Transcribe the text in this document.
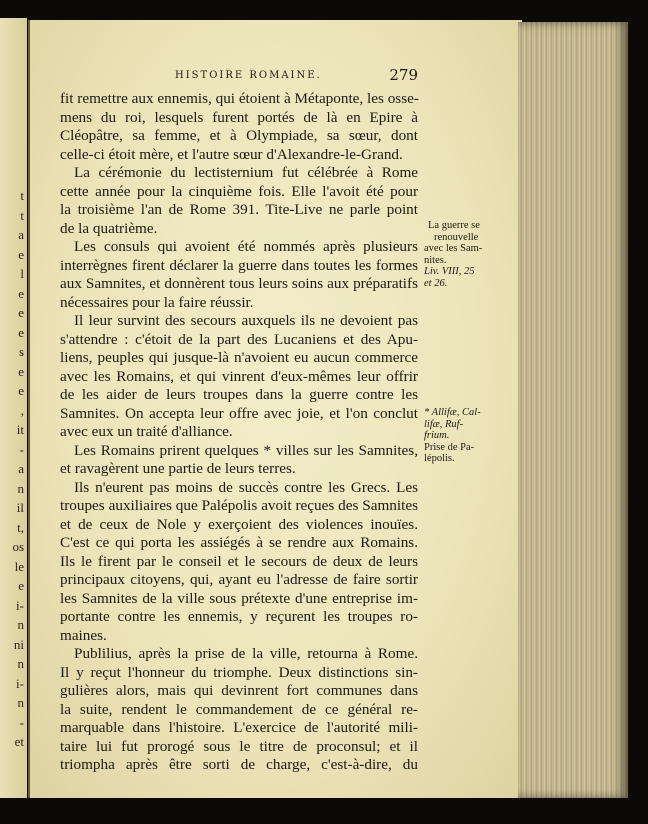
t
t
a
e
l
e
e
e
s
e
e
,
it
-
a
n
il
t,
os
le
e
i-
n
ni
n
i-
n
-
et
HISTOIRE ROMAINE.	279
fit remettre aux ennemis, qui étoient à Métaponte, les osse-
mens du roi, lesquels furent portés de là en Epire à
Cléopâtre, sa femme, et à Olympiade, sa sœur, dont
celle-ci étoit mère, et l'autre sœur d'Alexandre-le-Grand.
La cérémonie du lectisternium fut célébrée à Rome
cette année pour la cinquième fois. Elle l'avoit été pour
la troisième l'an de Rome 391. Tite-Live ne parle point
de la quatrième.
Les consuls qui avoient été nommés après plusieurs
interrègnes firent déclarer la guerre dans toutes les formes
aux Samnites, et donnèrent tous leurs soins aux préparatifs
nécessaires pour la faire réussir.
Il leur survint des secours auxquels ils ne devoient pas
s'attendre : c'étoit de la part des Lucaniens et des Apu-
liens, peuples qui jusque-là n'avoient eu aucun commerce
avec les Romains, et qui vinrent d'eux-mêmes leur offrir
de les aider de leurs troupes dans la guerre contre les
Samnites. On accepta leur offre avec joie, et l'on conclut
avec eux un traité d'alliance.
Les Romains prirent quelques * villes sur les Samnites,
et ravagèrent une partie de leurs terres.
Ils n'eurent pas moins de succès contre les Grecs. Les
troupes auxiliaires que Palépolis avoit reçues des Samnites
et de ceux de Nole y exerçoient des violences inouïes.
C'est ce qui porta les assiégés à se rendre aux Romains.
Ils le firent par le conseil et le secours de deux de leurs
principaux citoyens, qui, ayant eu l'adresse de faire sortir
les Samnites de la ville sous prétexte d'une entreprise im-
portante contre les ennemis, y reçurent les troupes ro-
maines.
Publilius, après la prise de la ville, retourna à Rome.
Il y reçut l'honneur du triomphe. Deux distinctions sin-
gulières alors, mais qui devinrent fort communes dans
la suite, rendent le commandement de ce général re-
marquable dans l'histoire. L'exercice de l'autorité mili-
taire lui fut prorogé sous le titre de proconsul; et il
triompha après être sorti de charge, c'est-à-dire, du
La guerre se
renouvelle
avec les Sam-
nites.
Liv. VIII, 25
et 26.
* Allifæ, Cal-
lifæ, Ruf-
frium.
Prise de Pa-
lépolis.
